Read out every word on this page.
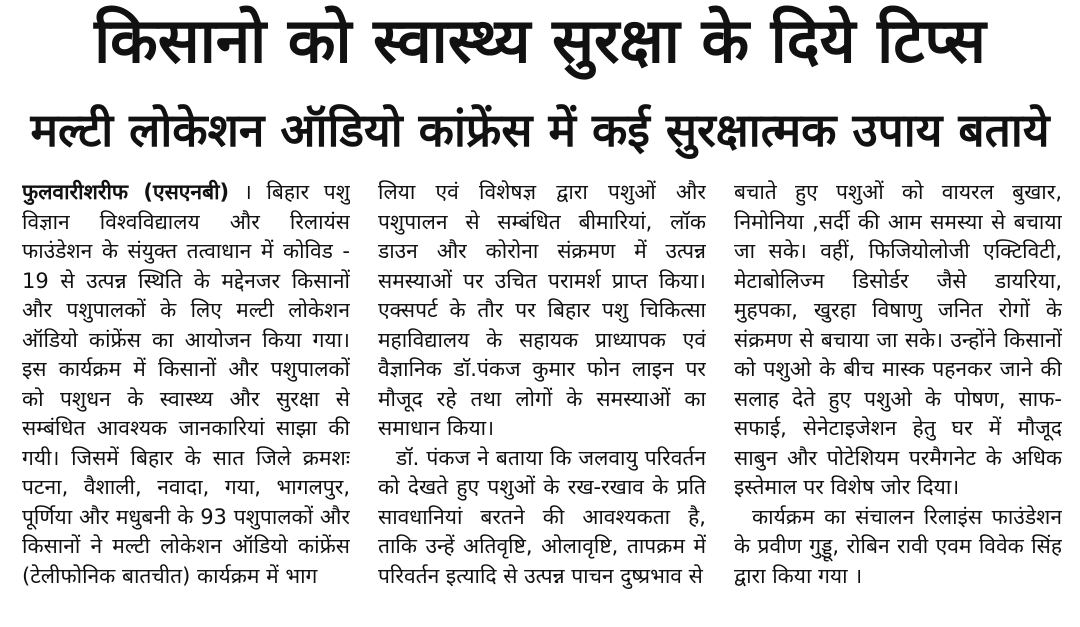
किसानो को स्वास्थ्य सुरक्षा के दिये टिप्स
मल्टी लोकेशन ऑडियो कांफ्रेंस में कई सुरक्षात्मक उपाय बताये

फुलवारीशरीफ (एसएनबी) । बिहार पशु विज्ञान विश्वविद्यालय और रिलायंस फाउंडेशन के संयुक्त तत्वाधान में कोविड - 19 से उत्पन्न स्थिति के मद्देनजर किसानों और पशुपालकों के लिए मल्टी लोकेशन ऑडियो कांफ्रेंस का आयोजन किया गया। इस कार्यक्रम में किसानों और पशुपालकों को पशुधन के स्वास्थ्य और सुरक्षा से सम्बंधित आवश्यक जानकारियां साझा की गयी। जिसमें बिहार के सात जिले क्रमशः पटना, वैशाली, नवादा, गया, भागलपुर, पूर्णिया और मधुबनी के 93 पशुपालकों और किसानों ने मल्टी लोकेशन ऑडियो कांफ्रेंस (टेलीफोनिक बातचीत) कार्यक्रम में भाग

लिया एवं विशेषज्ञ द्वारा पशुओं और पशुपालन से सम्बंधित बीमारियां, लॉक डाउन और कोरोना संक्रमण में उत्पन्न समस्याओं पर उचित परामर्श प्राप्त किया। एक्सपर्ट के तौर पर बिहार पशु चिकित्सा महाविद्यालय के सहायक प्राध्यापक एवं वैज्ञानिक डॉ.पंकज कुमार फोन लाइन पर मौजूद रहे तथा लोगों के समस्याओं का समाधान किया।

डॉ. पंकज ने बताया कि जलवायु परिवर्तन को देखते हुए पशुओं के रख-रखाव के प्रति सावधानियां बरतने की आवश्यकता है, ताकि उन्हें अतिवृष्टि, ओलावृष्टि, तापक्रम में परिवर्तन इत्यादि से उत्पन्न पाचन दुष्प्रभाव से

बचाते हुए पशुओं को वायरल बुखार, निमोनिया ,सर्दी की आम समस्या से बचाया जा सके। वहीं, फिजियोलोजी एक्टिविटी, मेटाबोलिज्म डिसोर्डर जैसे डायरिया, मुहपका, खुरहा विषाणु जनित रोगों के संक्रमण से बचाया जा सके। उन्होंने किसानों को पशुओ के बीच मास्क पहनकर जाने की सलाह देते हुए पशुओ के पोषण, साफ-सफाई, सेनेटाइजेशन हेतु घर में मौजूद साबुन और पोटेशियम परमैगनेट के अधिक इस्तेमाल पर विशेष जोर दिया।

कार्यक्रम का संचालन रिलाइंस फाउंडेशन के प्रवीण गुड्डू, रोबिन रावी एवम विवेक सिंह द्वारा किया गया ।
